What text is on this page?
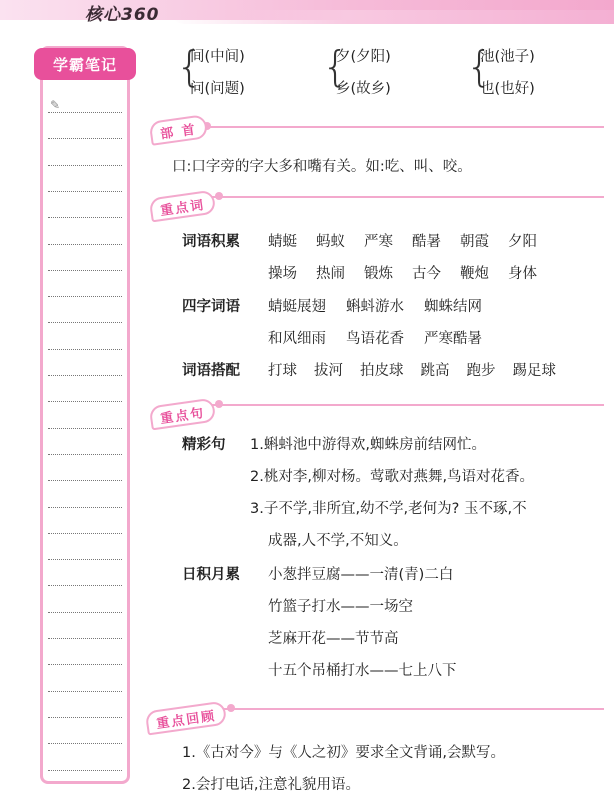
核心360
学霸笔记
✎
{
间(中间)
问(问题) {
夕(夕阳)
乡(故乡) {
池(池子)
也(也好)
部 首
口:口字旁的字大多和嘴有关。如:吃、叫、咬。
重点词
词语积累 蜻蜓 蚂蚁 严寒 酷暑 朝霞 夕阳
操场 热闹 锻炼 古今 鞭炮 身体
四字词语 蜻蜓展翅 蝌蚪游水 蜘蛛结网
和风细雨 鸟语花香 严寒酷暑
词语搭配 打球 拔河 拍皮球 跳高 跑步 踢足球
重点句
精彩句 1.蝌蚪池中游得欢,蜘蛛房前结网忙。
2.桃对李,柳对杨。莺歌对燕舞,鸟语对花香。
3.子不学,非所宜,幼不学,老何为? 玉不琢,不
成器,人不学,不知义。
日积月累 小葱拌豆腐——一清(青)二白
竹篮子打水——一场空
芝麻开花——节节高
十五个吊桶打水——七上八下
重点回顾
1.《古对今》与《人之初》要求全文背诵,会默写。
2.会打电话,注意礼貌用语。
